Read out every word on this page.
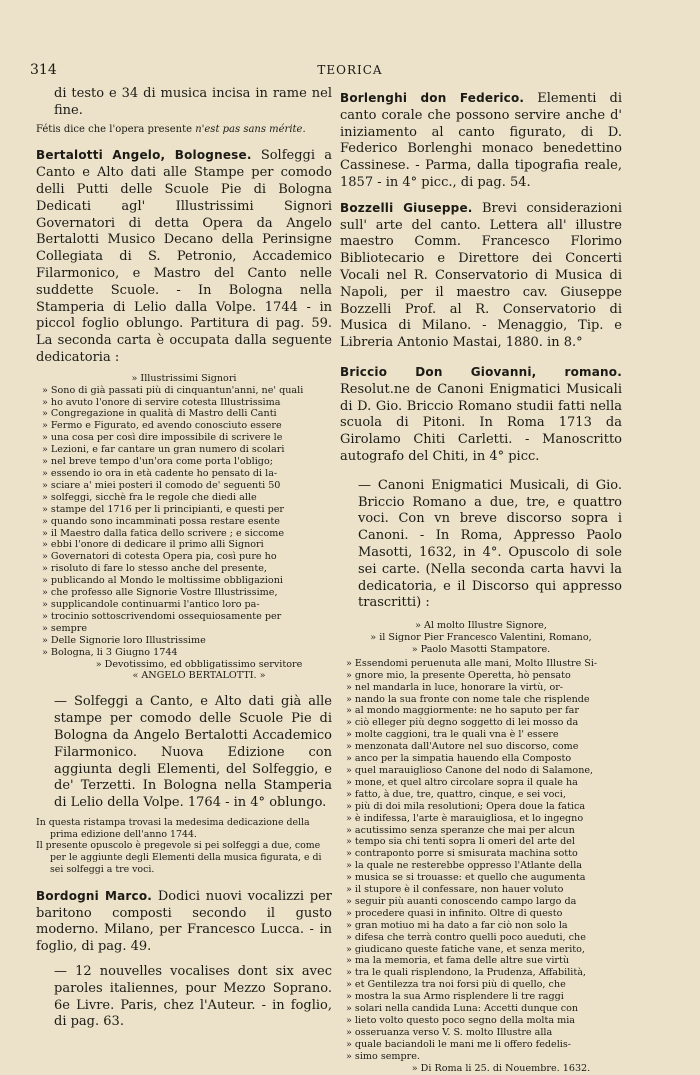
314	TEORICA

di testo e 34 di musica incisa in rame nel fine.

Fétis dice che l'opera presente n'est pas sans mérite.

Bertalotti Angelo, Bolognese. Solfeggi a Canto e Alto dati alle Stampe per comodo delli Putti delle Scuole Pie di Bologna Dedicati agl' Illustrissimi Signori Governatori di detta Opera da Angelo Bertalotti Musico Decano della Perinsigne Collegiata di S. Petronio, Accademico Filarmonico, e Mastro del Canto nelle suddette Scuole. - In Bologna nella Stamperia di Lelio dalla Volpe. 1744 - in piccol foglio oblungo. Partitura di pag. 59. La seconda carta è occupata dalla seguente dedicatoria :

» Illustrissimi Signori
» Sono di già passati più di cinquantun'anni, ne' quali
» ho avuto l'onore di servire cotesta Illustrissima
» Congregazione in qualità di Mastro delli Canti
» Fermo e Figurato, ed avendo conosciuto essere
» una cosa per così dire impossibile di scrivere le
» Lezioni, e far cantare un gran numero di scolari
» nel breve tempo d'un'ora come porta l'obligo;
» essendo io ora in età cadente ho pensato di la-
» sciare a' miei posteri il comodo de' seguenti 50
» solfeggi, sicchè fra le regole che diedi alle
» stampe del 1716 per li principianti, e questi per
» quando sono incamminati possa restare esente
» il Maestro dalla fatica dello scrivere ; e siccome
» ebbi l'onore di dedicare il primo alli Signori
» Governatori di cotesta Opera pia, così pure ho
» risoluto di fare lo stesso anche del presente,
» publicando al Mondo le moltissime obbligazioni
» che professo alle Signorie Vostre Illustrissime,
» supplicandole continuarmi l'antico loro pa-
» trocinio sottoscrivendomi ossequiosamente per
» sempre
» Delle Signorie loro Illustrissime
» Bologna, li 3 Giugno 1744
» Devotissimo, ed obbligatissimo servitore
« ANGELO BERTALOTTI. »

— Solfeggi a Canto, e Alto dati già alle stampe per comodo delle Scuole Pie di Bologna da Angelo Bertalotti Accademico Filarmonico. Nuova Edizione con aggiunta degli Elementi, del Solfeggio, e de' Terzetti. In Bologna nella Stamperia di Lelio della Volpe. 1764 - in 4° oblungo.

In questa ristampa trovasi la medesima dedicazione della prima edizione dell'anno 1744.
Il presente opuscolo è pregevole si pei solfeggi a due, come per le aggiunte degli Elementi della musica figurata, e di sei solfeggi a tre voci.

Bordogni Marco. Dodici nuovi vocalizzi per baritono composti secondo il gusto moderno. Milano, per Francesco Lucca. - in foglio, di pag. 49.

— 12 nouvelles vocalises dont six avec paroles italiennes, pour Mezzo Soprano. 6e Livre. Paris, chez l'Auteur. - in foglio, di pag. 63.

Borlenghi don Federico. Elementi di canto corale che possono servire anche d' iniziamento al canto figurato, di D. Federico Borlenghi monaco benedettino Cassinese. - Parma, dalla tipografia reale, 1857 - in 4° picc., di pag. 54.

Bozzelli Giuseppe. Brevi considerazioni sull' arte del canto. Lettera all' illustre maestro Comm. Francesco Florimo Bibliotecario e Direttore dei Concerti Vocali nel R. Conservatorio di Musica di Napoli, per il maestro cav. Giuseppe Bozzelli Prof. al R. Conservatorio di Musica di Milano. - Menaggio, Tip. e Libreria Antonio Mastai, 1880. in 8.°

Briccio Don Giovanni, romano. Resolut.ne de Canoni Enigmatici Musicali di D. Gio. Briccio Romano studii fatti nella scuola di Pitoni. In Roma 1713 da Girolamo Chiti Carletti. - Manoscritto autografo del Chiti, in 4° picc.

— Canoni Enigmatici Musicali, di Gio. Briccio Romano a due, tre, e quattro voci. Con vn breve discorso sopra i Canoni. - In Roma, Appresso Paolo Masotti, 1632, in 4°. Opuscolo di sole sei carte. (Nella seconda carta havvi la dedicatoria, e il Discorso qui appresso trascritti) :

» Al molto Illustre Signore,
» il Signor Pier Francesco Valentini, Romano,
» Paolo Masotti Stampatore.
» Essendomi peruenuta alle mani, Molto Illustre Si-
» gnore mio, la presente Operetta, hò pensato
» nel mandarla in luce, honorare la virtù, or-
» nando la sua fronte con nome tale che risplende
» al mondo maggiormente: ne ho saputo per far
» ciò elleger più degno soggetto di lei mosso da
» molte caggioni, tra le quali vna è l' essere
» menzonata dall'Autore nel suo discorso, come
» anco per la simpatia hauendo ella Composto
» quel marauiglioso Canone del nodo di Salamone,
» mone, et quel altro circolare sopra il quale ha
» fatto, à due, tre, quattro, cinque, e sei voci,
» più di doi mila resolutioni; Opera doue la fatica
» è indifessa, l'arte è marauigliosa, et lo ingegno
» acutissimo senza speranze che mai per alcun
» tempo sia chi tenti sopra li omeri del arte del
» contraponto porre si smisurata machina sotto
» la quale ne resterebbe oppresso l'Atlante della
» musica se si trouasse: et quello che augumenta
» il stupore è il confessare, non hauer voluto
» seguir più auanti conoscendo campo largo da
» procedere quasi in infinito. Oltre di questo
» gran motiuo mi ha dato a far ciò non solo la
» difesa che terrà contro quelli poco aueduti, che
» giudicano queste fatiche vane, et senza merito,
» ma la memoria, et fama delle altre sue virtù
» tra le quali risplendono, la Prudenza, Affabilità,
» et Gentilezza tra noi forsi più di quello, che
» mostra la sua Armo risplendere li tre raggi
» solari nella candida Luna: Accetti dunque con
» lieto volto questo poco segno della molta mia
» osseruanza verso V. S. molto Illustre alla
» quale baciandoli le mani me li offero fedelis-
» simo sempre.
» Di Roma li 25. di Nouembre. 1632.
